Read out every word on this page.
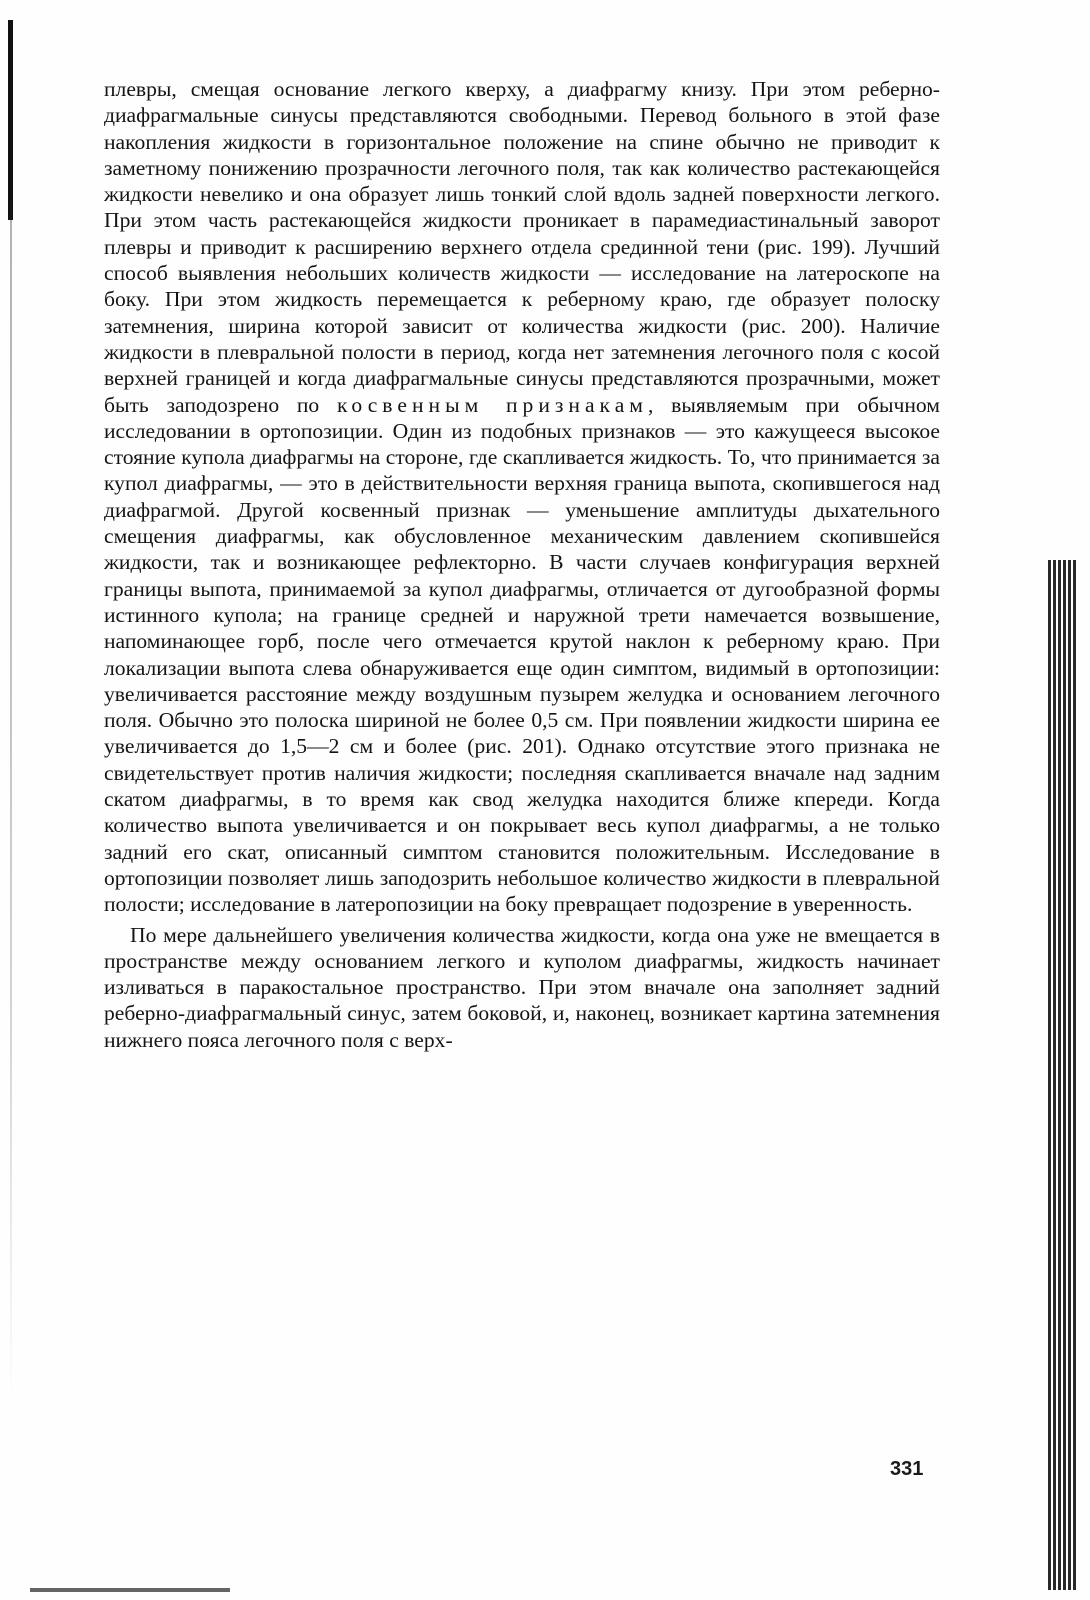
плевры, смещая основание легкого кверху, а диафрагму книзу. При этом реберно-диафрагмальные синусы представляются свободными. Перевод больного в этой фазе накопления жидкости в горизонтальное положение на спине обычно не приводит к заметному понижению прозрачности легочного поля, так как количество растекающейся жидкости невелико и она образует лишь тонкий слой вдоль задней поверхности легкого. При этом часть растекающейся жидкости проникает в парамедиастинальный заворот плевры и приводит к расширению верхнего отдела срединной тени (рис. 199). Лучший способ выявления небольших количеств жидкости — исследование на латероскопе на боку. При этом жидкость перемещается к реберному краю, где образует полоску затемнения, ширина которой зависит от количества жидкости (рис. 200). Наличие жидкости в плевральной полости в период, когда нет затемнения легочного поля с косой верхней границей и когда диафрагмальные синусы представляются прозрачными, может быть заподозрено по косвенным признакам, выявляемым при обычном исследовании в ортопозиции. Один из подобных признаков — это кажущееся высокое стояние купола диафрагмы на стороне, где скапливается жидкость. То, что принимается за купол диафрагмы, — это в действительности верхняя граница выпота, скопившегося над диафрагмой. Другой косвенный признак — уменьшение амплитуды дыхательного смещения диафрагмы, как обусловленное механическим давлением скопившейся жидкости, так и возникающее рефлекторно. В части случаев конфигурация верхней границы выпота, принимаемой за купол диафрагмы, отличается от дугообразной формы истинного купола; на границе средней и наружной трети намечается возвышение, напоминающее горб, после чего отмечается крутой наклон к реберному краю. При локализации выпота слева обнаруживается еще один симптом, видимый в ортопозиции: увеличивается расстояние между воздушным пузырем желудка и основанием легочного поля. Обычно это полоска шириной не более 0,5 см. При появлении жидкости ширина ее увеличивается до 1,5—2 см и более (рис. 201). Однако отсутствие этого признака не свидетельствует против наличия жидкости; последняя скапливается вначале над задним скатом диафрагмы, в то время как свод желудка находится ближе кпереди. Когда количество выпота увеличивается и он покрывает весь купол диафрагмы, а не только задний его скат, описанный симптом становится положительным. Исследование в ортопозиции позволяет лишь заподозрить небольшое количество жидкости в плевральной полости; исследование в латеропозиции на боку превращает подозрение в уверенность.

По мере дальнейшего увеличения количества жидкости, когда она уже не вмещается в пространстве между основанием легкого и куполом диафрагмы, жидкость начинает изливаться в паракостальное пространство. При этом вначале она заполняет задний реберно-диафрагмальный синус, затем боковой, и, наконец, возникает картина затемнения нижнего пояса легочного поля с верх-

331
